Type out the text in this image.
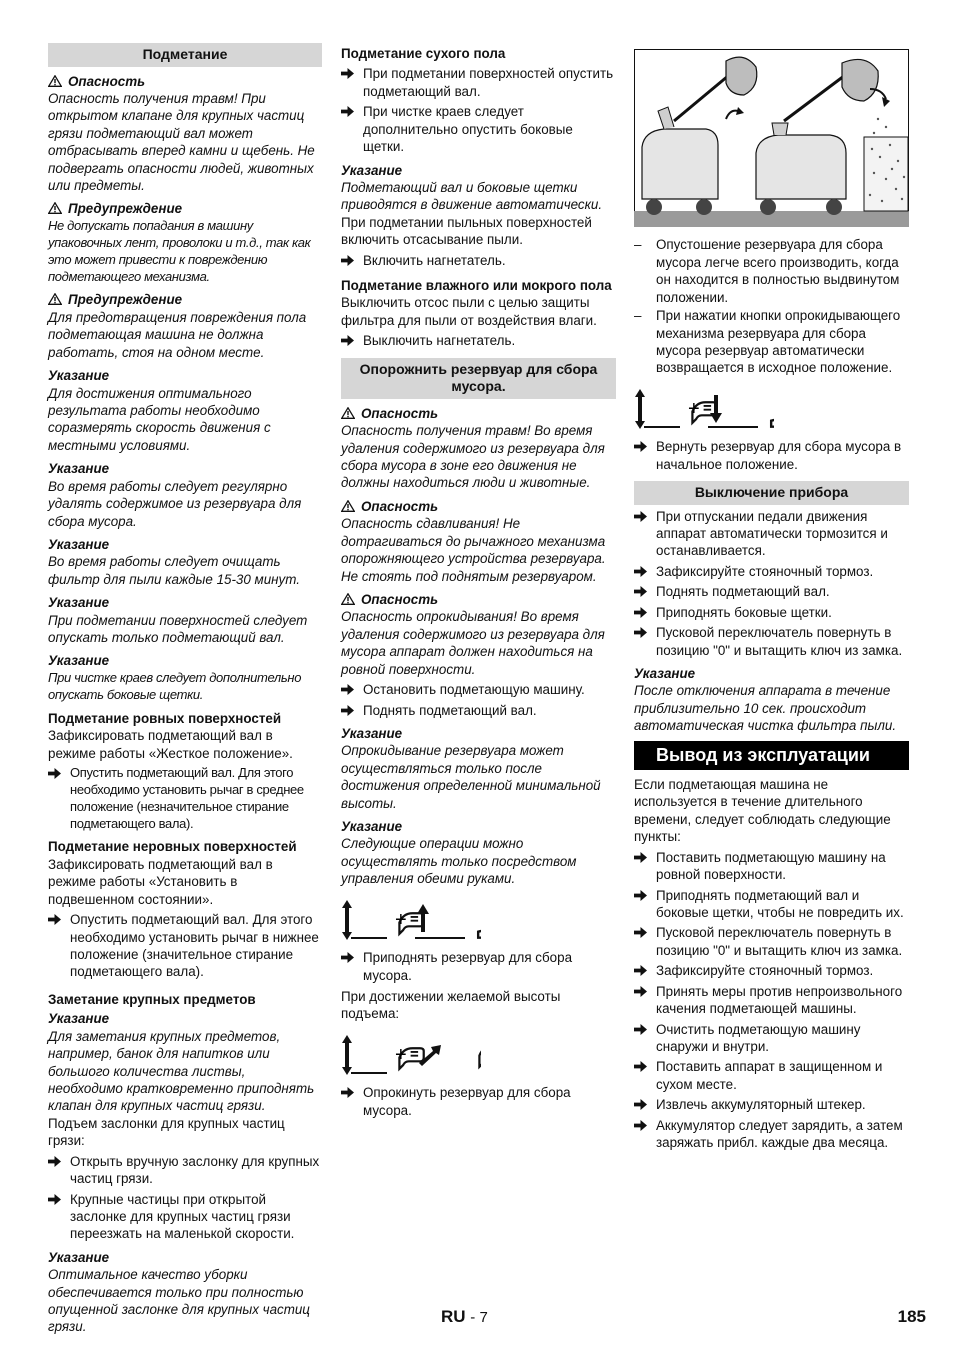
Подметание
Опасность

Опасность получения травм! При открытом клапане для крупных частиц грязи подметающий вал может отбрасывать вперед камни и щебень. Не подвергать опасности людей, животных или предметы.

Предупреждение

Не допускать попадания в машину упаковочных лент, проволоки и т.д., так как это может привести к повреждению подметающего механизма.

Предупреждение

Для предотвращения повреждения пола подметающая машина не должна работать, стоя на одном месте.

Указание

Для достижения оптимального результата работы необходимо соразмерять скорость движения с местными условиями.

Указание

Во время работы следует регулярно удалять содержимое из резервуара для сбора мусора.

Указание

Во время работы следует очищать фильтр для пыли каждые 15-30 минут.

Указание

При подметании поверхностей следует опускать только подметающий вал.

Указание

При чистке краев следует дополнительно опускать боковые щетки.

Подметание ровных поверхностей

Зафиксировать подметающий вал в режиме работы «Жесткое положение».

Опустить подметающий вал. Для этого необходимо установить рычаг в среднее положение (незначительное стирание подметающего вала).
Подметание неровных поверхностей

Зафиксировать подметающий вал в режиме работы «Установить в подвешенном состоянии».

Опустить подметающий вал. Для этого необходимо установить рычаг в нижнее положение (значительное стирание подметающего вала).
Заметание крупных предметов
Указание

Для заметания крупных предметов, например, банок для напитков или большого количества листвы, необходимо кратковременно приподнять клапан для крупных частиц грязи.

Подъем заслонки для крупных частиц грязи:

Открыть вручную заслонку для крупных частиц грязи.
Крупные частицы при открытой заслонке для крупных частиц грязи переезжать на маленькой скорости.
Указание

Оптимальное качество уборки обеспечивается только при полностью опущенной заслонке для крупных частиц грязи.

Подметание сухого пола
При подметании поверхностей опустить подметающий вал.
При чистке краев следует дополнительно опустить боковые щетки.
Указание

Подметающий вал и боковые щетки приводятся в движение автоматически.

При подметании пыльных поверхностей включить отсасывание пыли.

Включить нагнетатель.
Подметание влажного или мокрого пола

Выключить отсос пыли с целью защиты фильтра для пыли от воздействия влаги.

Выключить нагнетатель.
Опорожнить резервуар для сбора мусора.
Опасность

Опасность получения травм! Во время удаления содержимого из резервуара для сбора мусора в зоне его движения не должны находиться люди и животные.

Опасность

Опасность сдавливания! Не дотрагиваться до рычажного механизма опорожняющего устройства резервуара. Не стоять под поднятым резервуаром.

Опасность

Опасность опрокидывания! Во время удаления содержимого из резервуара для мусора аппарат должен находиться на ровной поверхности.

Остановить подметающую машину.
Поднять подметающий вал.
Указание

Опрокидывание резервуара может осуществляться только после достижения определенной минимальной высоты.

Указание

Следующие операции можно осуществлять только посредством управления обеими руками.

+
Приподнять резервуар для сбора мусора.

При достижении желаемой высоты подъема:

+
Опрокинуть резервуар для сбора мусора.
– Опустошение резервуара для сбора мусора легче всего производить, когда он находится в полностью выдвинутом положении.
– При нажатии кнопки опрокидывающего механизма резервуара для сбора мусора резервуар автоматически возвращается в исходное положение.
+
Вернуть резервуар для сбора мусора в начальное положение.
Выключение прибора
При отпускании педали движения аппарат автоматически тормозится и останавливается.
Зафиксируйте стояночный тормоз.
Поднять подметающий вал.
Приподнять боковые щетки.
Пусковой переключатель повернуть в позицию "0" и вытащить ключ из замка.
Указание

После отключения аппарата в течение приблизительно 10 сек. происходит автоматическая чистка фильтра пыли.

Вывод из эксплуатации

Если подметающая машина не используется в течение длительного времени, следует соблюдать следующие пункты:

Поставить подметающую машину на ровной поверхности.
Приподнять подметающий вал и боковые щетки, чтобы не повредить их.
Пусковой переключатель повернуть в позицию "0" и вытащить ключ из замка.
Зафиксируйте стояночный тормоз.
Принять меры против непроизвольного качения подметающей машины.
Очистить подметающую машину снаружи и внутри.
Поставить аппарат в защищенном и сухом месте.
Извлечь аккумуляторный штекер.
Аккумулятор следует зарядить, а затем заряжать прибл. каждые два месяца.
RU - 7	185
